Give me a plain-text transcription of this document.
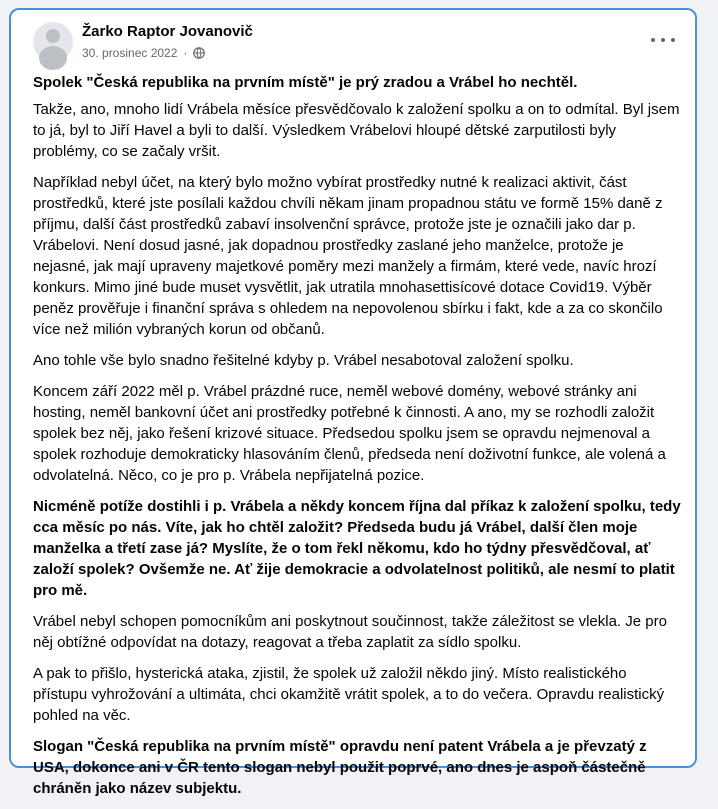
Žarko Raptor Jovanovič
30. prosinec 2022 ·

Spolek "Česká republika na prvním místě" je prý zradou a Vrábel ho nechtěl.

Takže, ano, mnoho lidí Vrábela měsíce přesvědčovalo k založení spolku a on to odmítal. Byl jsem to já, byl to Jiří Havel a byli to další. Výsledkem Vrábelovi hloupé dětské zarputilosti byly problémy, co se začaly vršit.

Například nebyl účet, na který bylo možno vybírat prostředky nutné k realizaci aktivit, část prostředků, které jste posílali každou chvíli někam jinam propadnou státu ve formě 15% daně z příjmu, další část prostředků zabaví insolvenční správce, protože jste je označili jako dar p. Vrábelovi. Není dosud jasné, jak dopadnou prostředky zaslané jeho manželce, protože je nejasné, jak mají upraveny majetkové poměry mezi manžely a firmám, které vede, navíc hrozí konkurs. Mimo jiné bude muset vysvětlit, jak utratila mnohasettisícové dotace Covid19. Výběr peněz prověřuje i finanční správa s ohledem na nepovolenou sbírku i fakt, kde a za co skončilo více než milión vybraných korun od občanů.

Ano tohle vše bylo snadno řešitelné kdyby p. Vrábel nesabotoval založení spolku.

Koncem září 2022 měl p. Vrábel prázdné ruce, neměl webové domény, webové stránky ani hosting, neměl bankovní účet ani prostředky potřebné k činnosti. A ano, my se rozhodli založit spolek bez něj, jako řešení krizové situace. Předsedou spolku jsem se opravdu nejmenoval a spolek rozhoduje demokraticky hlasováním členů, předseda není doživotní funkce, ale volená a odvolatelná. Něco, co je pro p. Vrábela nepřijatelná pozice.

Nicméně potíže dostihli i p. Vrábela a někdy koncem října dal příkaz k založení spolku, tedy cca měsíc po nás. Víte, jak ho chtěl založit? Předseda budu já Vrábel, další člen moje manželka a třetí zase já? Myslíte, že o tom řekl někomu, kdo ho týdny přesvědčoval, ať založí spolek? Ovšemže ne. Ať žije demokracie a odvolatelnost politiků, ale nesmí to platit pro mě.

Vrábel nebyl schopen pomocníkům ani poskytnout součinnost, takže záležitost se vlekla. Je pro něj obtížné odpovídat na dotazy, reagovat a třeba zaplatit za sídlo spolku.

A pak to přišlo, hysterická ataka, zjistil, že spolek už založil někdo jiný. Místo realistického přístupu vyhrožování a ultimáta, chci okamžitě vrátit spolek, a to do večera. Opravdu realistický pohled na věc.

Slogan "Česká republika na prvním místě" opravdu není patent Vrábela a je převzatý z USA, dokonce ani v ČR tento slogan nebyl použit poprvé, ano dnes je aspoň částečně chráněn jako název subjektu.
